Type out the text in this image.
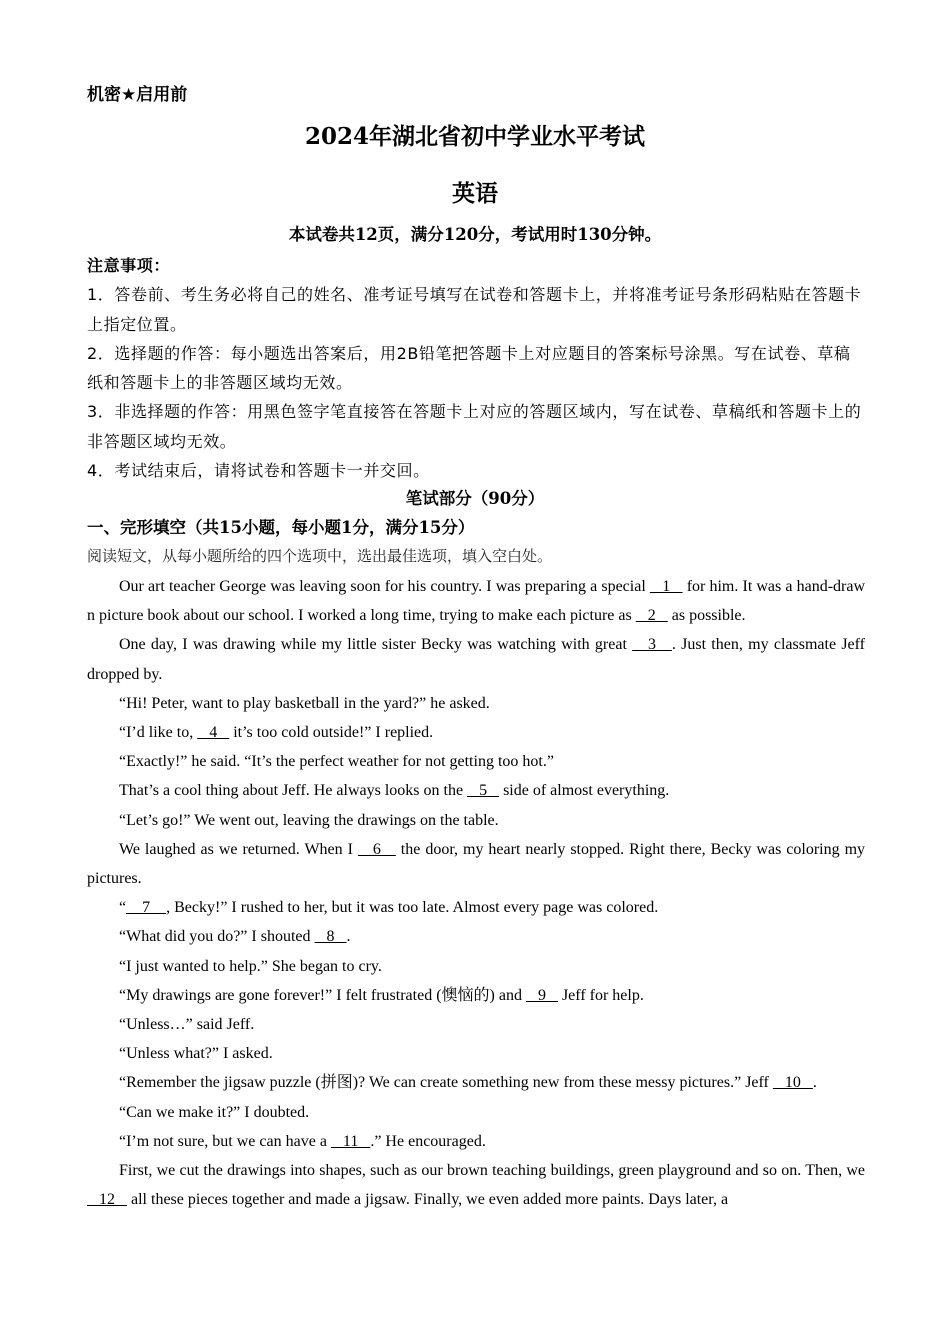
机密★启用前
2024年湖北省初中学业水平考试
英语
本试卷共12页，满分120分，考试用时130分钟。
注意事项：
1．答卷前、考生务必将自己的姓名、准考证号填写在试卷和答题卡上，并将准考证号条形码粘贴在答题卡上指定位置。
2．选择题的作答：每小题选出答案后，用2B铅笔把答题卡上对应题目的答案标号涂黑。写在试卷、草稿纸和答题卡上的非答题区域均无效。
3．非选择题的作答：用黑色签字笔直接答在答题卡上对应的答题区域内，写在试卷、草稿纸和答题卡上的非答题区域均无效。
4．考试结束后，请将试卷和答题卡一并交回。
笔试部分（90分）
一、完形填空（共15小题，每小题1分，满分15分）
阅读短文，从每小题所给的四个选项中，选出最佳选项，填入空白处。

Our art teacher George was leaving soon for his country. I was preparing a special    1    for him. It was a hand-draw n picture book about our school. I worked a long time, trying to make each picture as    2    as possible.

One day, I was drawing while my little sister Becky was watching with great    3   . Just then, my classmate Jeff dropped by.

“Hi! Peter, want to play basketball in the yard?” he asked.

“I’d like to,    4    it’s too cold outside!” I replied.

“Exactly!” he said. “It’s the perfect weather for not getting too hot.”

That’s a cool thing about Jeff. He always looks on the    5    side of almost everything.

“Let’s go!” We went out, leaving the drawings on the table.

We laughed as we returned. When I    6    the door, my heart nearly stopped. Right there, Becky was coloring my pictures.

“    7    , Becky!” I rushed to her, but it was too late. Almost every page was colored.

“What did you do?” I shouted    8   .

“I just wanted to help.” She began to cry.

“My drawings are gone forever!” I felt frustrated (懊恼的) and    9    Jeff for help.

“Unless…” said Jeff.

“Unless what?” I asked.

“Remember the jigsaw puzzle (拼图)? We can create something new from these messy pictures.” Jeff    10   .

“Can we make it?” I doubted.

“I’m not sure, but we can have a    11   .” He encouraged.

First, we cut the drawings into shapes, such as our brown teaching buildings, green playground and so on. Then, we    12    all these pieces together and made a jigsaw. Finally, we even added more paints. Days later, a
